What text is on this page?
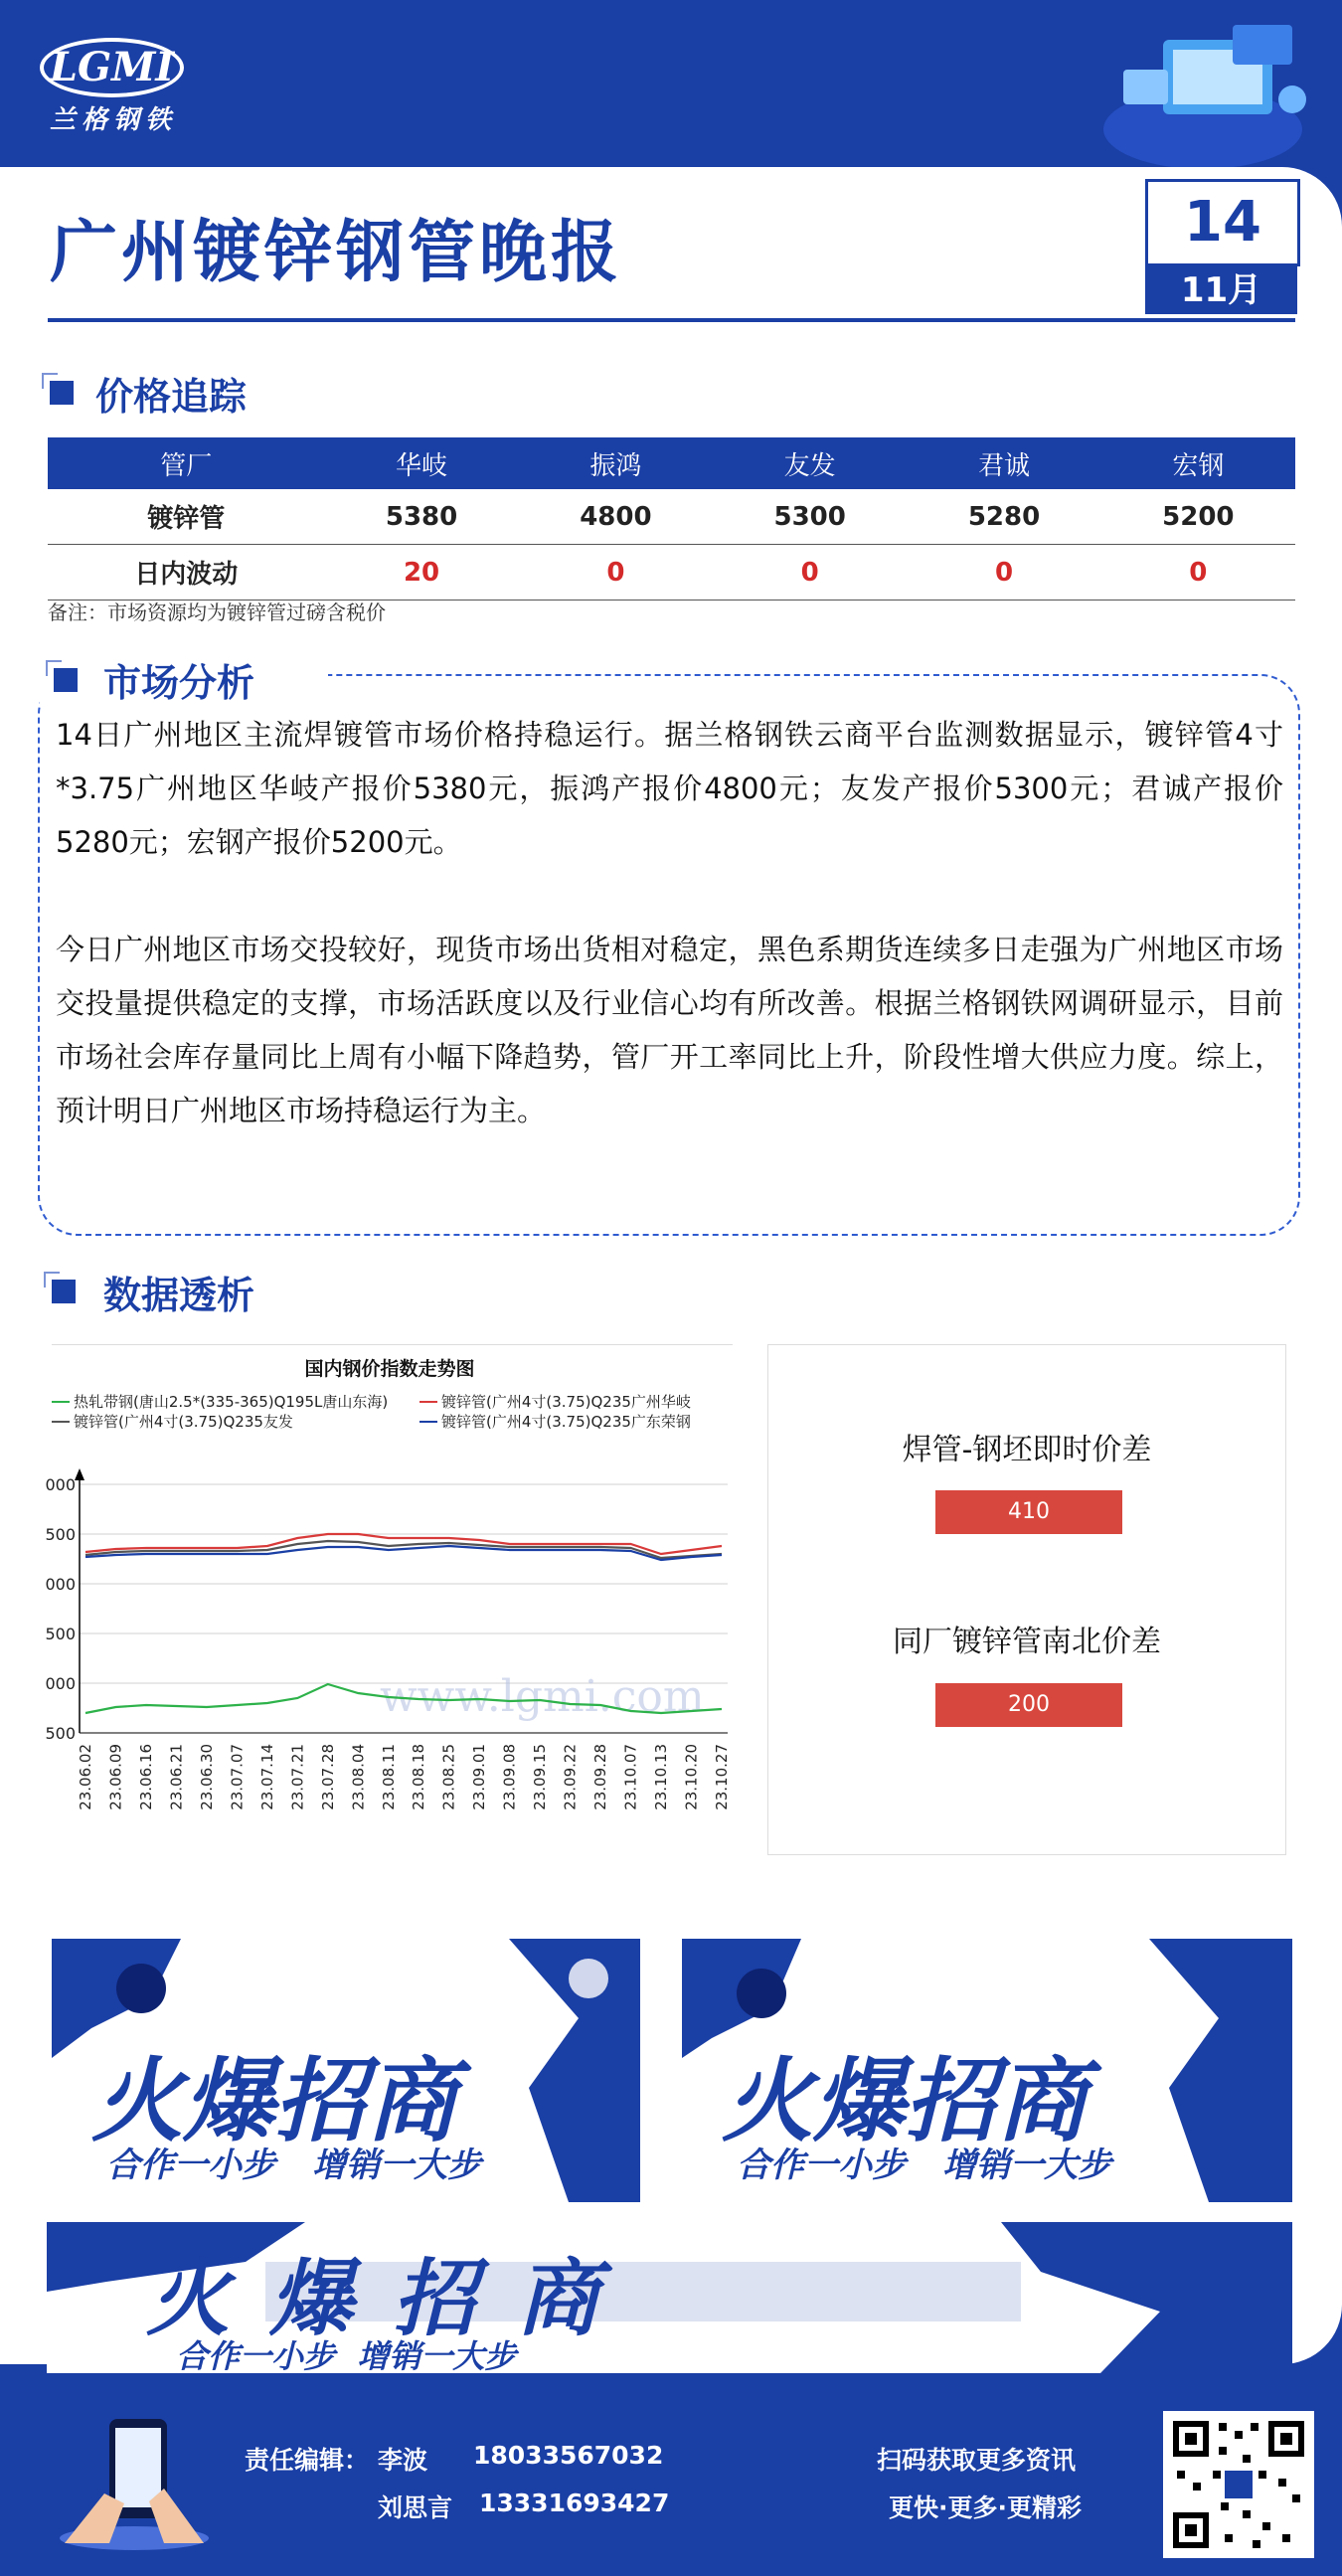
LGMI
兰格钢铁
广州镀锌钢管晚报	14
11月
价格追踪
管厂	华岐	振鸿	友发	君诚	宏钢
镀锌管	5380	4800	5300	5280	5200
日内波动	20	0	0	0	0
备注：市场资源均为镀锌管过磅含税价
市场分析
14日广州地区主流焊镀管市场价格持稳运行。据兰格钢铁云商平台监测数据显示，镀锌管4寸*3.75广州地区华岐产报价5380元，振鸿产报价4800元；友发产报价5300元；君诚产报价5280元；宏钢产报价5200元。
今日广州地区市场交投较好，现货市场出货相对稳定，黑色系期货连续多日走强为广州地区市场交投量提供稳定的支撑，市场活跃度以及行业信心均有所改善。根据兰格钢铁网调研显示，目前市场社会库存量同比上周有小幅下降趋势，管厂开工率同比上升，阶段性增大供应力度。综上，预计明日广州地区市场持稳运行为主。
数据透析
国内钢价指数走势图
热轧带钢(唐山2.5*(335-365)Q195L唐山东海)	镀锌管(广州4寸(3.75)Q235广州华岐
镀锌管(广州4寸(3.75)Q235友发	镀锌管(广州4寸(3.75)Q235广东荣钢
000
500
000
500
000
500
www.lgmi.com
23.06.02 23.06.09 23.06.16 23.06.21 23.06.30 23.07.07 23.07.14 23.07.21 23.07.28 23.08.04 23.08.11 23.08.18 23.08.25 23.09.01 23.09.08 23.09.15 23.09.22 23.09.28 23.10.07 23.10.13 23.10.20 23.10.27
焊管-钢坯即时价差
410
同厂镀锌管南北价差
200
火爆招商
合作一小步 增销一大步
火爆招商
合作一小步 增销一大步
火爆招商
合作一小步  增销一大步
责任编辑： 李波 18033567032
刘思言 13331693427
扫码获取更多资讯
更快·更多·更精彩
